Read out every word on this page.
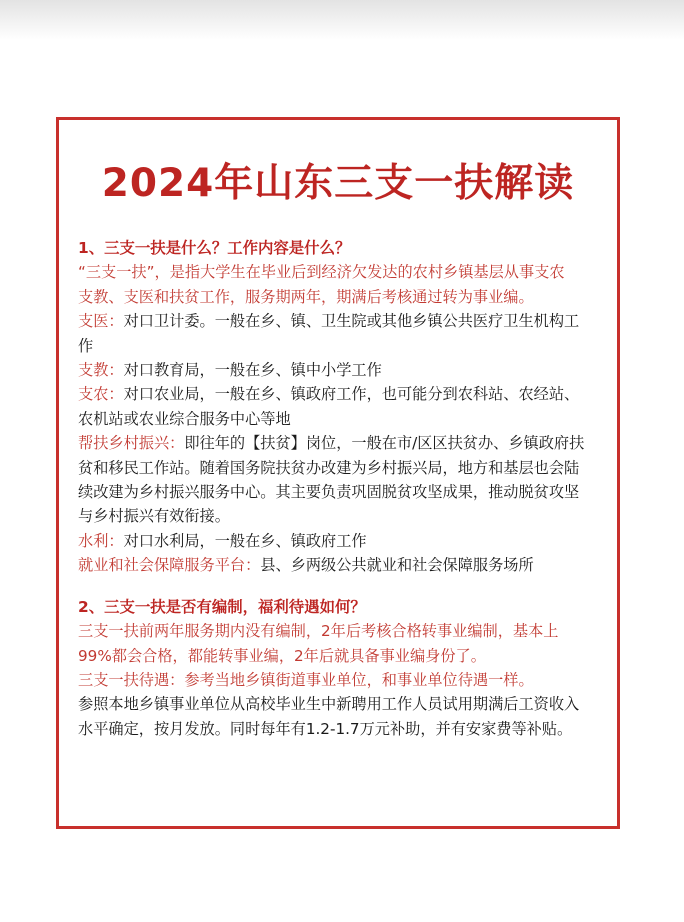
2024年山东三支一扶解读
1、三支一扶是什么？工作内容是什么？
“三支一扶”，是指大学生在毕业后到经济欠发达的农村乡镇基层从事支农
支教、支医和扶贫工作，服务期两年，期满后考核通过转为事业编。
支医：对口卫计委。一般在乡、镇、卫生院或其他乡镇公共医疗卫生机构工
作
支教：对口教育局，一般在乡、镇中小学工作
支农：对口农业局，一般在乡、镇政府工作，也可能分到农科站、农经站、
农机站或农业综合服务中心等地
帮扶乡村振兴：即往年的【扶贫】岗位，一般在市/区区扶贫办、乡镇政府扶
贫和移民工作站。随着国务院扶贫办改建为乡村振兴局，地方和基层也会陆
续改建为乡村振兴服务中心。其主要负责巩固脱贫攻坚成果，推动脱贫攻坚
与乡村振兴有效衔接。
水利：对口水利局，一般在乡、镇政府工作
就业和社会保障服务平台：县、乡两级公共就业和社会保障服务场所
2、三支一扶是否有编制，福利待遇如何？
三支一扶前两年服务期内没有编制，2年后考核合格转事业编制，基本上
99%都会合格，都能转事业编，2年后就具备事业编身份了。
三支一扶待遇：参考当地乡镇街道事业单位，和事业单位待遇一样。
参照本地乡镇事业单位从高校毕业生中新聘用工作人员试用期满后工资收入
水平确定，按月发放。同时每年有1.2-1.7万元补助，并有安家费等补贴。
